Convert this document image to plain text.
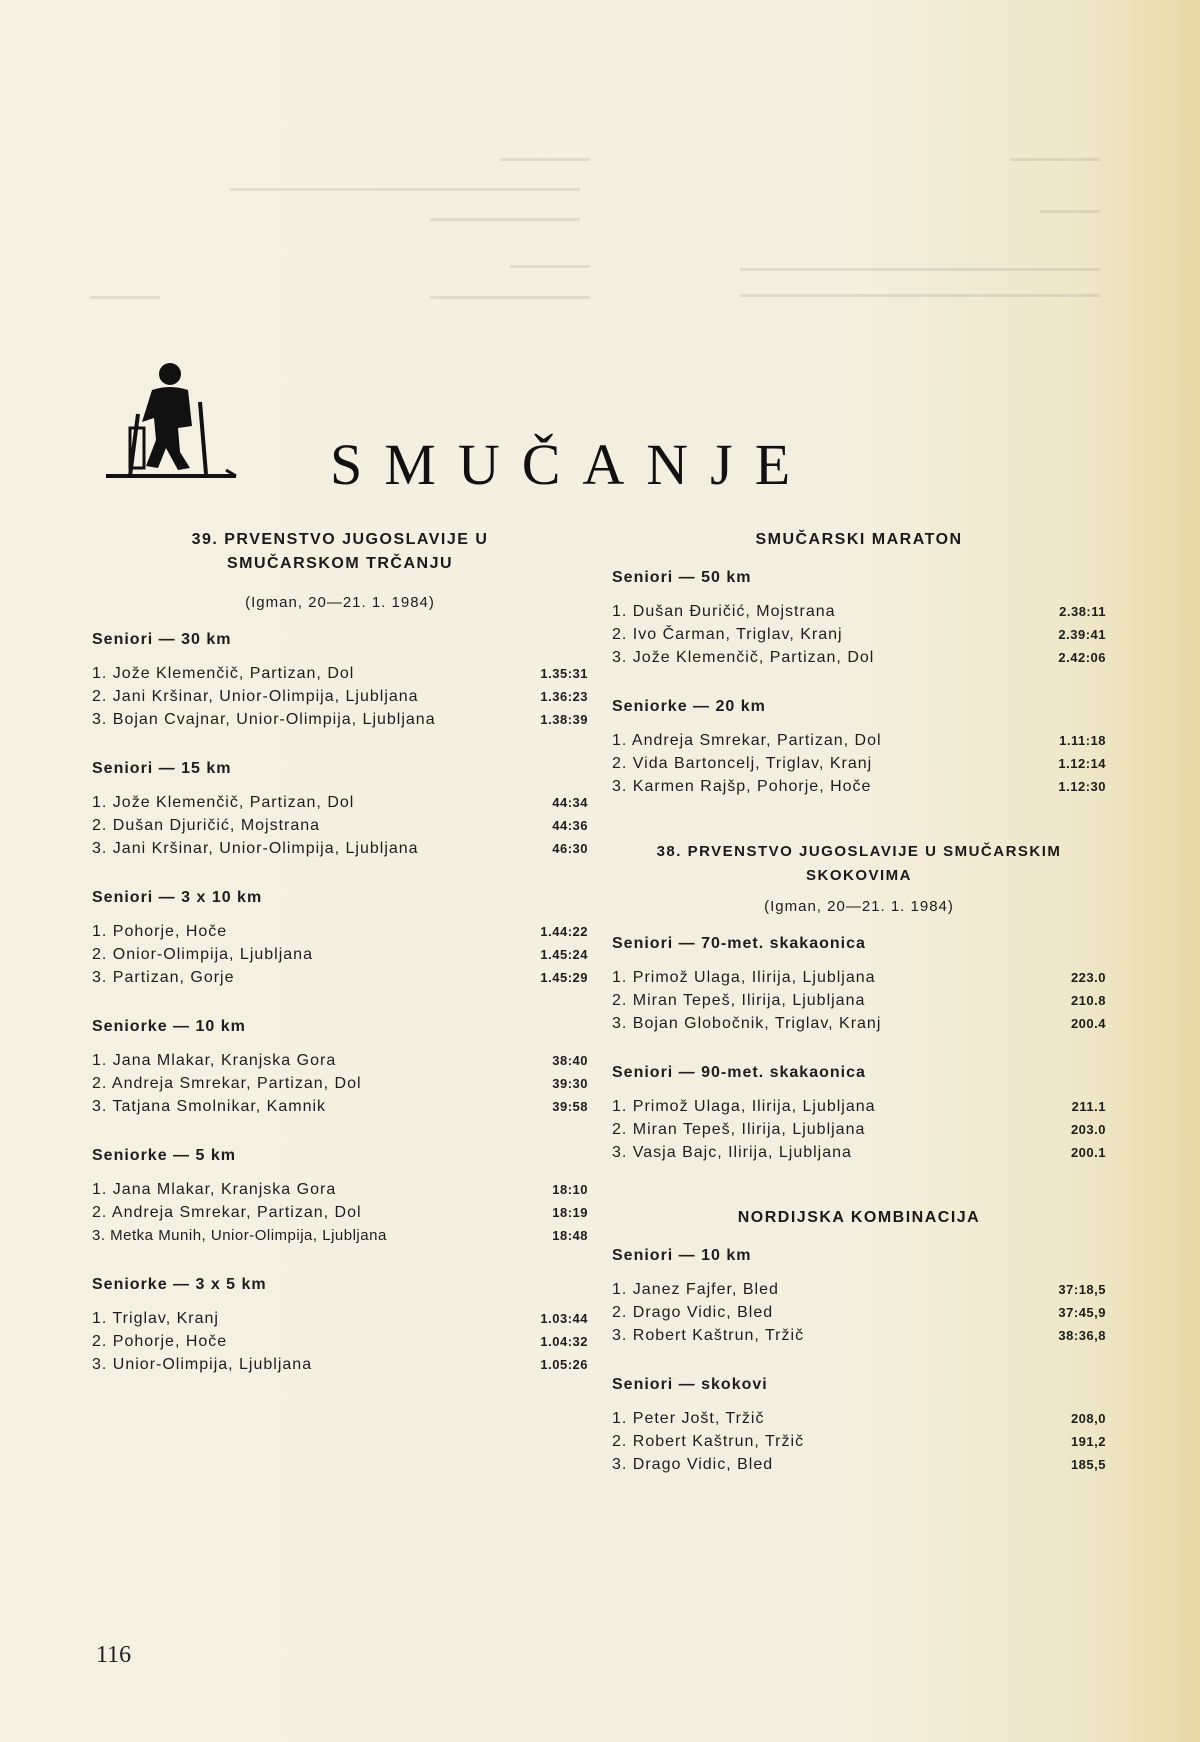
SMUČANJE
39. PRVENSTVO JUGOSLAVIJE U SMUČARSKOM TRČANJU
(Igman, 20—21. 1. 1984)
Seniori — 30 km
1. Jože Klemenčič, Partizan, Dol	1.35:31
2. Jani Kršinar, Unior-Olimpija, Ljubljana	1.36:23
3. Bojan Cvajnar, Unior-Olimpija, Ljubljana	1.38:39
Seniori — 15 km
1. Jože Klemenčič, Partizan, Dol	44:34
2. Dušan Djuričić, Mojstrana	44:36
3. Jani Kršinar, Unior-Olimpija, Ljubljana	46:30
Seniori — 3 x 10 km
1. Pohorje, Hoče	1.44:22
2. Onior-Olimpija, Ljubljana	1.45:24
3. Partizan, Gorje	1.45:29
Seniorke — 10 km
1. Jana Mlakar, Kranjska Gora	38:40
2. Andreja Smrekar, Partizan, Dol	39:30
3. Tatjana Smolnikar, Kamnik	39:58
Seniorke — 5 km
1. Jana Mlakar, Kranjska Gora	18:10
2. Andreja Smrekar, Partizan, Dol	18:19
3. Metka Munih, Unior-Olimpija, Ljubljana	18:48
Seniorke — 3 x 5 km
1. Triglav, Kranj	1.03:44
2. Pohorje, Hoče	1.04:32
3. Unior-Olimpija, Ljubljana	1.05:26
SMUČARSKI MARATON
Seniori — 50 km
1. Dušan Đuričić, Mojstrana	2.38:11
2. Ivo Čarman, Triglav, Kranj	2.39:41
3. Jože Klemenčič, Partizan, Dol	2.42:06
Seniorke — 20 km
1. Andreja Smrekar, Partizan, Dol	1.11:18
2. Vida Bartoncelj, Triglav, Kranj	1.12:14
3. Karmen Rajšp, Pohorje, Hoče	1.12:30
38. PRVENSTVO JUGOSLAVIJE U SMUČARSKIM SKOKOVIMA
(Igman, 20—21. 1. 1984)
Seniori — 70-met. skakaonica
1. Primož Ulaga, Ilirija, Ljubljana	223.0
2. Miran Tepeš, Ilirija, Ljubljana	210.8
3. Bojan Globočnik, Triglav, Kranj	200.4
Seniori — 90-met. skakaonica
1. Primož Ulaga, Ilirija, Ljubljana	211.1
2. Miran Tepeš, Ilirija, Ljubljana	203.0
3. Vasja Bajc, Ilirija, Ljubljana	200.1
NORDIJSKA KOMBINACIJA
Seniori — 10 km
1. Janez Fajfer, Bled	37:18,5
2. Drago Vidic, Bled	37:45,9
3. Robert Kaštrun, Tržič	38:36,8
Seniori — skokovi
1. Peter Jošt, Tržič	208,0
2. Robert Kaštrun, Tržič	191,2
3. Drago Vidic, Bled	185,5
116
